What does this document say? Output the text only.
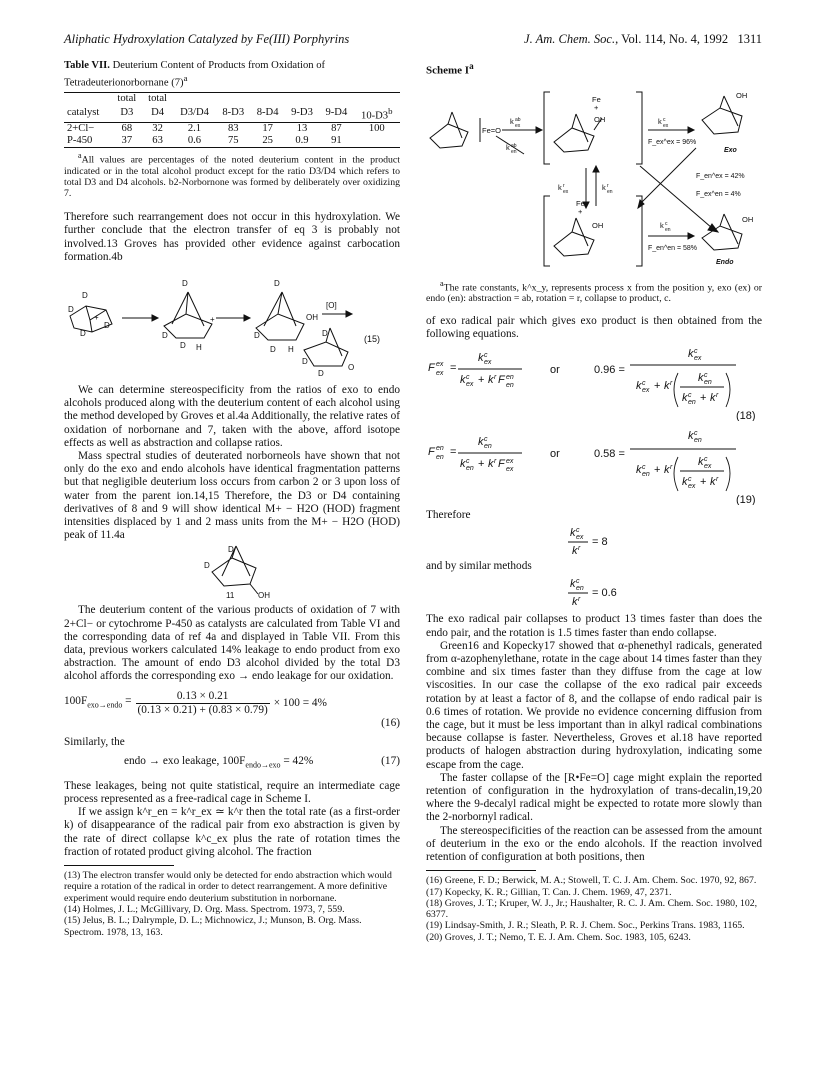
Aliphatic Hydroxylation Catalyzed by Fe(III) Porphyrins	J. Am. Chem. Soc., Vol. 114, No. 4, 1992 1311
Table VII. Deuterium Content of Products from Oxidation of Tetradeuterionorbornane $(7)^a$
	total	total						
catalyst	D3	D4	D3/D4	8-D3	8-D4	9-D3	9-D4	10-D3$^b$
2+Cl−	68	32	2.1	83	17	13	87	100
P-450	37	63	0.6	75	25	0.9	91	

$^a$All values are percentages of the noted deuterium content in the product indicated or in the total alcohol product except for the ratio D3/D4 which refers to total D3 and D4 alcohols. b2-Norbornone was formed by deliberately over oxidizing 7.

Therefore such rearrangement does not occur in this hydroxylation. We further conclude that the electron transfer of eq 3 is probably not involved.13 Groves has provided other evidence against carbocation formation.4b

D
D
D
D
+
D
D
D H
+
D
D
D H
OH
[O]
D
D
D
O
(15)

We can determine stereospecificity from the ratios of exo to endo alcohols produced along with the deuterium content of each alcohol using the method developed by Groves et al.4a Additionally, the relative rates of oxidation of norbornane and 7, taken with the above, afford isotope effects as well as abstraction and collapse ratios.

Mass spectral studies of deuterated norborneols have shown that not only do the exo and endo alcohols have identical fragmentation patterns but that negligible deuterium loss occurs from carbon 2 or 3 upon loss of water from the parent ion.14,15 Therefore, the D3 or D4 containing derivatives of 8 and 9 will show identical M+ − H2O (HOD) fragment intensities displaced by 1 and 2 mass units from the M+ − H2O (HOD) peak of 11.4a

D
D
OH
11

The deuterium content of the various products of oxidation of 7 with 2+Cl− or cytochrome P-450 as catalysts are calculated from Table VI and the corresponding data of ref 4a and displayed in Table VII. From this data, previous workers calculated 14% leakage to endo product from exo abstraction. The amount of endo D3 alcohol divided by the total D3 alcohol affords the corresponding exo → endo leakage for our oxidation.

$100F_{exo\to endo} = \frac{0.13 \times 0.21}{(0.13 \times 0.21) + (0.83 \times 0.79)} \times 100 = 4\%$
(16)

Similarly, the

endo → exo leakage, $100F_{endo\to exo} = 42\%$	(17)

These leakages, being not quite statistical, require an intermediate cage process represented as a free-radical cage in Scheme I.

If we assign k^r_en = k^r_ex ≃ k^r then the total rate (as a first-order k) of disappearance of the radical pair from exo abstraction is given by the rate of direct collapse k^c_ex plus the rate of rotation times the fraction of rotated product giving alcohol. The fraction

(13) The electron transfer would only be detected for endo abstraction which would require a rotation of the radical in order to detect rearrangement. A more definitive experiment would require endo deuterium substitution in norbornane.
(14) Holmes, J. L.; McGillivary, D. Org. Mass. Spectrom. 1973, 7, 559.
(15) Jelus, B. L.; Dalrymple, D. L.; Michnowicz, J.; Munson, B. Org. Mass. Spectrom. 1978, 13, 163.
Scheme $I^a$
Fe=O
k ex
ab
k en
ab
Fe
+
OH	k ex
c
OH
k ex
r	k en
r
Fe
+
OH	k en
c	OH
F_ex^ex = 96%
F_en^ex = 42%
F_ex^en = 4%
F_en^en = 58%
Exo
Endo

$^a$The rate constants, k^x_y, represents process x from the position y, exo (ex) or endo (en): abstraction = ab, rotation = r, collapse to product, c.

of exo radical pair which gives exo product is then obtained from the following equations.

F ex
ex =
k ex
c
k ex
c + k r F en
en
or	0.96 =
k ex
c
k ex
c + k r k en
c
k en
c + k r
(18)
F en
en =
k en
c
k en
c + k r F ex
ex
or	0.58 =
k en
c
k en
c + k r k ex
c
k ex
c + k r
(19)

Therefore

k ex
c
k r
= 8

and by similar methods

k en
c
k r
= 0.6

The exo radical pair collapses to product 13 times faster than does the endo pair, and the rotation is 1.5 times faster than endo collapse.

Green16 and Kopecky17 showed that α-phenethyl radicals, generated from α-azophenylethane, rotate in the cage about 14 times faster than they combine and six times faster than they diffuse from the cage at low viscosities. In our case the collapse of the exo radical pair exceeds rotation by at least a factor of 8, and the collapse of endo radical pair is 0.6 times of rotation. We provide no evidence concerning diffusion from the cage, but it must be less important than in alkyl radical combinations because collapse is faster. Nevertheless, Groves et al.18 have reported products of halogen abstraction during hydroxylation, indicating some escape from the cage.

The faster collapse of the [R•Fe=O] cage might explain the reported retention of configuration in the hydroxylation of trans-decalin,19,20 where the 9-decalyl radical might be expected to rotate more slowly than the 2-norbornyl radical.

The stereospecificities of the reaction can be assessed from the amount of deuterium in the exo or the endo alcohols. If the reaction involved retention of configuration at both positions, then

(16) Greene, F. D.; Berwick, M. A.; Stowell, T. C. J. Am. Chem. Soc. 1970, 92, 867.
(17) Kopecky, K. R.; Gillian, T. Can. J. Chem. 1969, 47, 2371.
(18) Groves, J. T.; Kruper, W. J., Jr.; Haushalter, R. C. J. Am. Chem. Soc. 1980, 102, 6377.
(19) Lindsay-Smith, J. R.; Sleath, P. R. J. Chem. Soc., Perkins Trans. 1983, 1165.
(20) Groves, J. T.; Nemo, T. E. J. Am. Chem. Soc. 1983, 105, 6243.
